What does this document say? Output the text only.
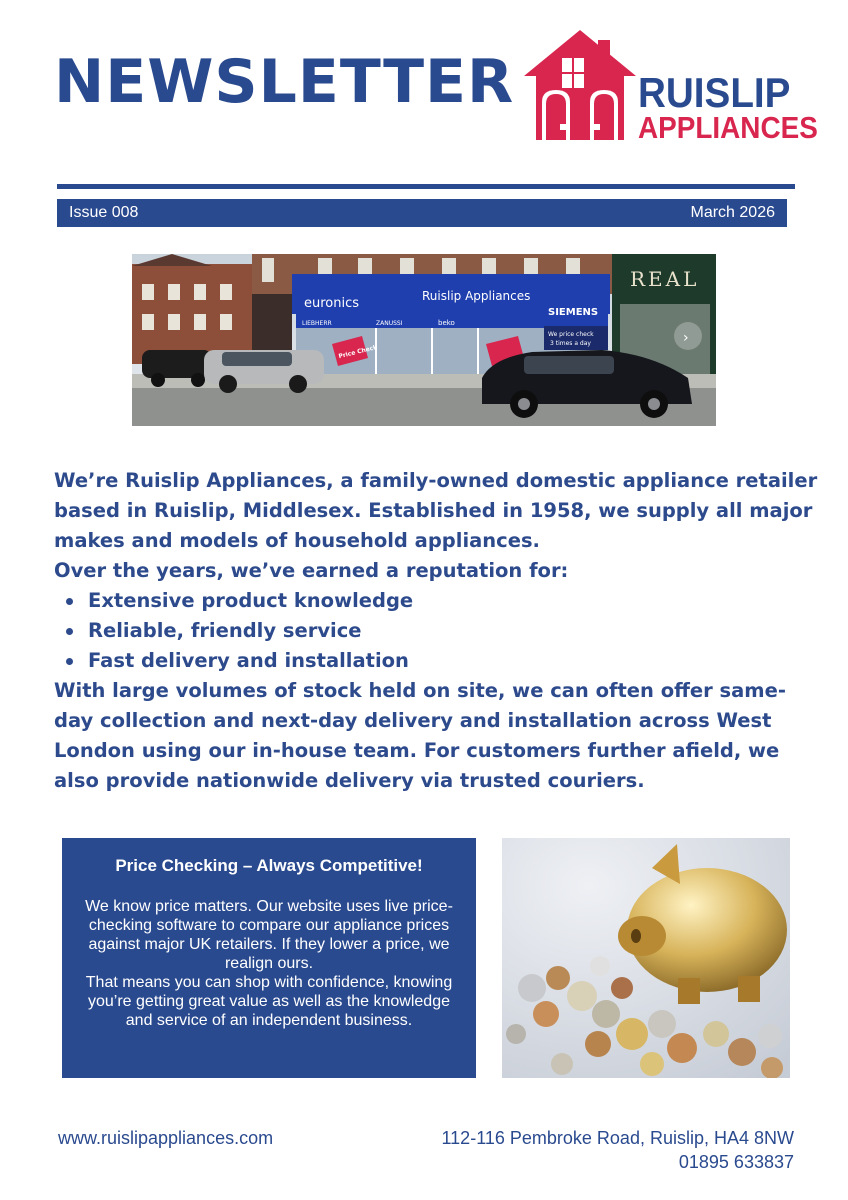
NEWSLETTER	RUISLIP
APPLIANCES
Issue 008	March 2026
euronics	Ruislip Appliances
LIEBHERR	ZANUSSI	beko
SIEMENS
We price check
3 times a day
Price Check
REAL
›

We’re Ruislip Appliances, a family-owned domestic appliance retailer based in Ruislip, Middlesex. Established in 1958, we supply all major makes and models of household appliances.

Over the years, we’ve earned a reputation for:

Extensive product knowledge
Reliable, friendly service
Fast delivery and installation

With large volumes of stock held on site, we can often offer same-day collection and next-day delivery and installation across West London using our in-house team. For customers further afield, we also provide nationwide delivery via trusted couriers.

Price Checking – Always Competitive!

We know price matters. Our website uses live price-checking software to compare our appliance prices against major UK retailers. If they lower a price, we realign ours.

That means you can shop with confidence, knowing you’re getting great value as well as the knowledge and service of an independent business.

www.ruislipappliances.com	112-116 Pembroke Road, Ruislip, HA4 8NW
01895 633837
